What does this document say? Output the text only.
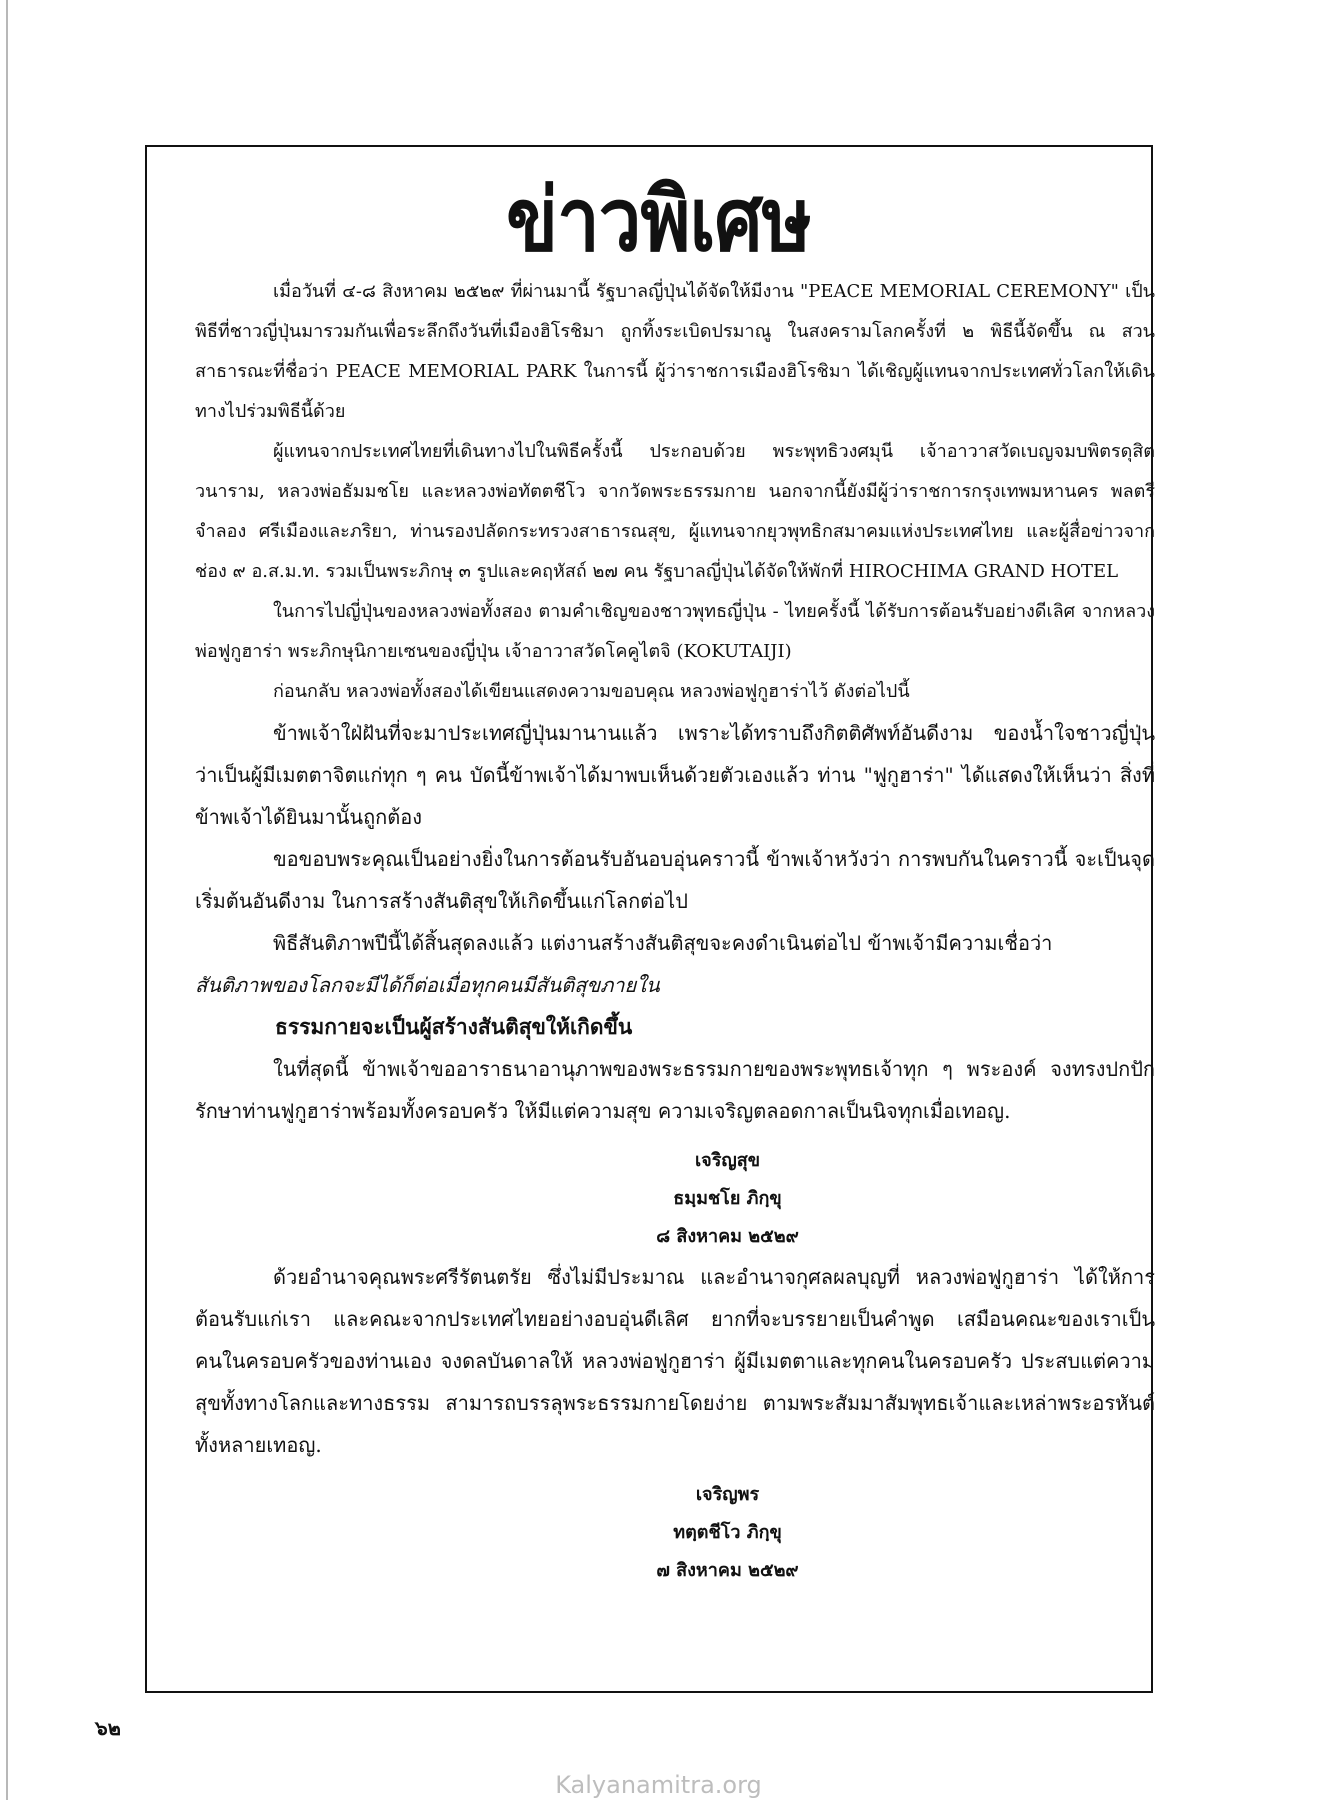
ข่าวพิเศษ

เมื่อวันที่ ๔-๘ สิงหาคม ๒๕๒๙ ที่ผ่านมานี้ รัฐบาลญี่ปุ่นได้จัดให้มีงาน "PEACE MEMORIAL CEREMONY" เป็นพิธีที่ชาวญี่ปุ่นมารวมกันเพื่อระลึกถึงวันที่เมืองฮิโรชิมา ถูกทิ้งระเบิดปรมาณู ในสงครามโลกครั้งที่ ๒ พิธีนี้จัดขึ้น ณ สวนสาธารณะที่ชื่อว่า PEACE MEMORIAL PARK ในการนี้ ผู้ว่าราชการเมืองฮิโรชิมา ได้เชิญผู้แทนจากประเทศทั่วโลกให้เดินทางไปร่วมพิธีนี้ด้วย

ผู้แทนจากประเทศไทยที่เดินทางไปในพิธีครั้งนี้ ประกอบด้วย พระพุทธิวงศมุนี เจ้าอาวาสวัดเบญจมบพิตรดุสิตวนาราม, หลวงพ่อธัมมชโย และหลวงพ่อทัตตชีโว จากวัดพระธรรมกาย นอกจากนี้ยังมีผู้ว่าราชการกรุงเทพมหานคร พลตรีจำลอง ศรีเมืองและภริยา, ท่านรองปลัดกระทรวงสาธารณสุข, ผู้แทนจากยุวพุทธิกสมาคมแห่งประเทศไทย และผู้สื่อข่าวจากช่อง ๙ อ.ส.ม.ท. รวมเป็นพระภิกษุ ๓ รูปและคฤหัสถ์ ๒๗ คน รัฐบาลญี่ปุ่นได้จัดให้พักที่ HIROCHIMA GRAND HOTEL

ในการไปญี่ปุ่นของหลวงพ่อทั้งสอง ตามคำเชิญของชาวพุทธญี่ปุ่น - ไทยครั้งนี้ ได้รับการต้อนรับอย่างดีเลิศ จากหลวงพ่อฟูกูฮาร่า พระภิกษุนิกายเซนของญี่ปุ่น เจ้าอาวาสวัดโคคูไตจิ (KOKUTAIJI)

ก่อนกลับ หลวงพ่อทั้งสองได้เขียนแสดงความขอบคุณ หลวงพ่อฟูกูฮาร่าไว้ ดังต่อไปนี้

ข้าพเจ้าใฝ่ฝันที่จะมาประเทศญี่ปุ่นมานานแล้ว เพราะได้ทราบถึงกิตติศัพท์อันดีงาม ของน้ำใจชาวญี่ปุ่น ว่าเป็นผู้มีเมตตาจิตแก่ทุก ๆ คน บัดนี้ข้าพเจ้าได้มาพบเห็นด้วยตัวเองแล้ว ท่าน "ฟูกูฮาร่า" ได้แสดงให้เห็นว่า สิ่งที่ข้าพเจ้าได้ยินมานั้นถูกต้อง

ขอขอบพระคุณเป็นอย่างยิ่งในการต้อนรับอันอบอุ่นคราวนี้ ข้าพเจ้าหวังว่า การพบกันในคราวนี้ จะเป็นจุดเริ่มต้นอันดีงาม ในการสร้างสันติสุขให้เกิดขึ้นแก่โลกต่อไป

พิธีสันติภาพปีนี้ได้สิ้นสุดลงแล้ว แต่งานสร้างสันติสุขจะคงดำเนินต่อไป ข้าพเจ้ามีความเชื่อว่า

สันติภาพของโลกจะมีได้ก็ต่อเมื่อทุกคนมีสันติสุขภายใน

ธรรมกายจะเป็นผู้สร้างสันติสุขให้เกิดขึ้น

ในที่สุดนี้ ข้าพเจ้าขออาราธนาอานุภาพของพระธรรมกายของพระพุทธเจ้าทุก ๆ พระองค์ จงทรงปกปักรักษาท่านฟูกูฮาร่าพร้อมทั้งครอบครัว ให้มีแต่ความสุข ความเจริญตลอดกาลเป็นนิจทุกเมื่อเทอญ.

เจริญสุข

ธมฺมชโย ภิกฺขุ

๘ สิงหาคม ๒๕๒๙

ด้วยอำนาจคุณพระศรีรัตนตรัย ซึ่งไม่มีประมาณ และอำนาจกุศลผลบุญที่ หลวงพ่อฟูกูฮาร่า ได้ให้การต้อนรับแก่เรา และคณะจากประเทศไทยอย่างอบอุ่นดีเลิศ ยากที่จะบรรยายเป็นคำพูด เสมือนคณะของเราเป็นคนในครอบครัวของท่านเอง จงดลบันดาลให้ หลวงพ่อฟูกูฮาร่า ผู้มีเมตตาและทุกคนในครอบครัว ประสบแต่ความสุขทั้งทางโลกและทางธรรม สามารถบรรลุพระธรรมกายโดยง่าย ตามพระสัมมาสัมพุทธเจ้าและเหล่าพระอรหันต์ทั้งหลายเทอญ.

เจริญพร

ทตฺตชีโว ภิกฺขุ

๗ สิงหาคม ๒๕๒๙

๖๒
Kalyanamitra.org
